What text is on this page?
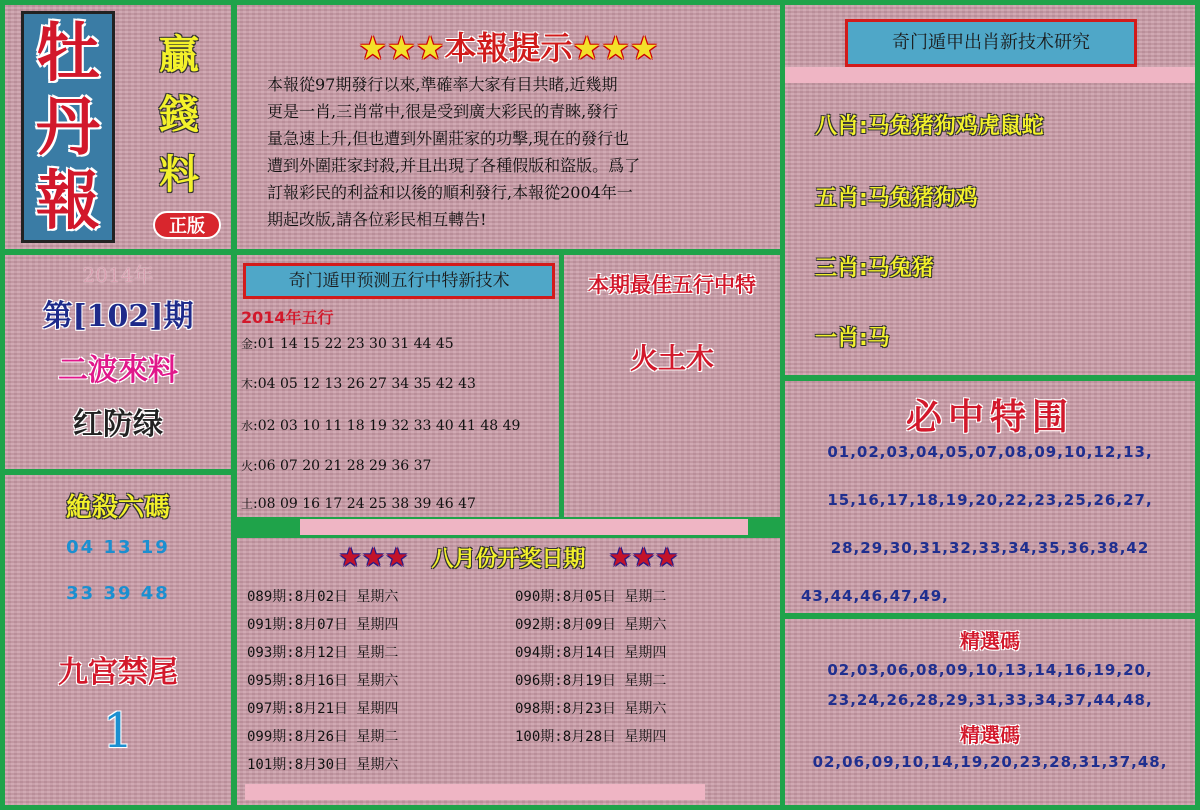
牡
丹
報
贏
錢
料
正版
★★★本報提示★★★
本報從97期發行以來,準確率大家有目共睹,近幾期
更是一肖,三肖常中,很是受到廣大彩民的青睞,發行
量急速上升,但也遭到外圍莊家的功擊,現在的發行也
遭到外圍莊家封殺,并且出現了各種假版和盜版。爲了
訂報彩民的利益和以後的順利發行,本報從2004年一
期起改版,請各位彩民相互轉告!
奇门遁甲出肖新技术研究
八肖:马兔猪狗鸡虎鼠蛇
五肖:马兔猪狗鸡
三肖:马兔猪
一肖:马
2014年
第[102]期
二波來料
红防绿
絶殺六碼
04 13 19
33 39 48
九宫禁尾
1
奇门遁甲预测五行中特新技术
2014年五行
金:01 14 15 22 23 30 31 44 45
木:04 05 12 13 26 27 34 35 42 43
水:02 03 10 11 18 19 32 33 40 41 48 49
火:06 07 20 21 28 29 36 37
土:08 09 16 17 24 25 38 39 46 47
本期最佳五行中特
火土木
★★★ 八月份开奖日期 ★★★
089期:8月02日 星期六
091期:8月07日 星期四
093期:8月12日 星期二
095期:8月16日 星期六
097期:8月21日 星期四
099期:8月26日 星期二
101期:8月30日 星期六
090期:8月05日 星期二
092期:8月09日 星期六
094期:8月14日 星期四
096期:8月19日 星期二
098期:8月23日 星期六
100期:8月28日 星期四
必中特围
01,02,03,04,05,07,08,09,10,12,13,
15,16,17,18,19,20,22,23,25,26,27,
28,29,30,31,32,33,34,35,36,38,42
43,44,46,47,49,
精選碼
02,03,06,08,09,10,13,14,16,19,20,
23,24,26,28,29,31,33,34,37,44,48,
精選碼
02,06,09,10,14,19,20,23,28,31,37,48,
